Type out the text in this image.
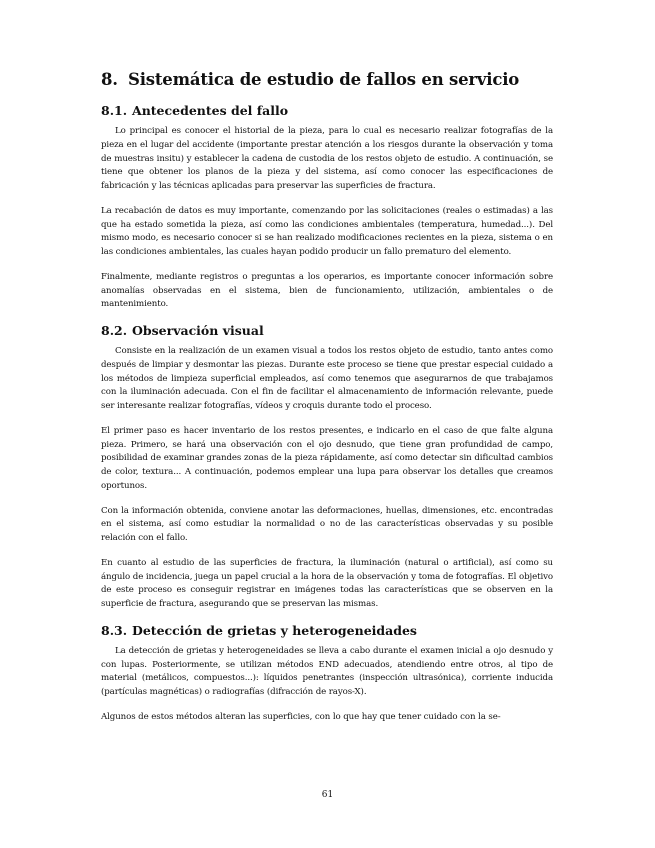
8. Sistemática de estudio de fallos en servicio
8.1. Antecedentes del fallo

Lo principal es conocer el historial de la pieza, para lo cual es necesario realizar fotografías de la pieza en el lugar del accidente (importante prestar atención a los riesgos durante la observación y toma de muestras insitu) y establecer la cadena de custodia de los restos objeto de estudio. A continuación, se tiene que obtener los planos de la pieza y del sistema, así como conocer las especificaciones de fabricación y las técnicas aplicadas para preservar las superficies de fractura.

La recabación de datos es muy importante, comenzando por las solicitaciones (reales o estimadas) a las que ha estado sometida la pieza, así como las condiciones ambientales (temperatura, humedad...). Del mismo modo, es necesario conocer si se han realizado modificaciones recientes en la pieza, sistema o en las condiciones ambientales, las cuales hayan podido producir un fallo prematuro del elemento.

Finalmente, mediante registros o preguntas a los operarios, es importante conocer información sobre anomalías observadas en el sistema, bien de funcionamiento, utilización, ambientales o de mantenimiento.

8.2. Observación visual

Consiste en la realización de un examen visual a todos los restos objeto de estudio, tanto antes como después de limpiar y desmontar las piezas. Durante este proceso se tiene que prestar especial cuidado a los métodos de limpieza superficial empleados, así como tenemos que asegurarnos de que trabajamos con la iluminación adecuada. Con el fin de facilitar el almacenamiento de información relevante, puede ser interesante realizar fotografías, vídeos y croquis durante todo el proceso.

El primer paso es hacer inventario de los restos presentes, e indicarlo en el caso de que falte alguna pieza. Primero, se hará una observación con el ojo desnudo, que tiene gran profundidad de campo, posibilidad de examinar grandes zonas de la pieza rápidamente, así como detectar sin dificultad cambios de color, textura... A continuación, podemos emplear una lupa para observar los detalles que creamos oportunos.

Con la información obtenida, conviene anotar las deformaciones, huellas, dimensiones, etc. encontradas en el sistema, así como estudiar la normalidad o no de las características observadas y su posible relación con el fallo.

En cuanto al estudio de las superficies de fractura, la iluminación (natural o artificial), así como su ángulo de incidencia, juega un papel crucial a la hora de la observación y toma de fotografías. El objetivo de este proceso es conseguir registrar en imágenes todas las características que se observen en la superficie de fractura, asegurando que se preservan las mismas.

8.3. Detección de grietas y heterogeneidades

La detección de grietas y heterogeneidades se lleva a cabo durante el examen inicial a ojo desnudo y con lupas. Posteriormente, se utilizan métodos END adecuados, atendiendo entre otros, al tipo de material (metálicos, compuestos...): líquidos penetrantes (inspección ultrasónica), corriente inducida (partículas magnéticas) o radiografías (difracción de rayos-X).

Algunos de estos métodos alteran las superficies, con lo que hay que tener cuidado con la se-

61
